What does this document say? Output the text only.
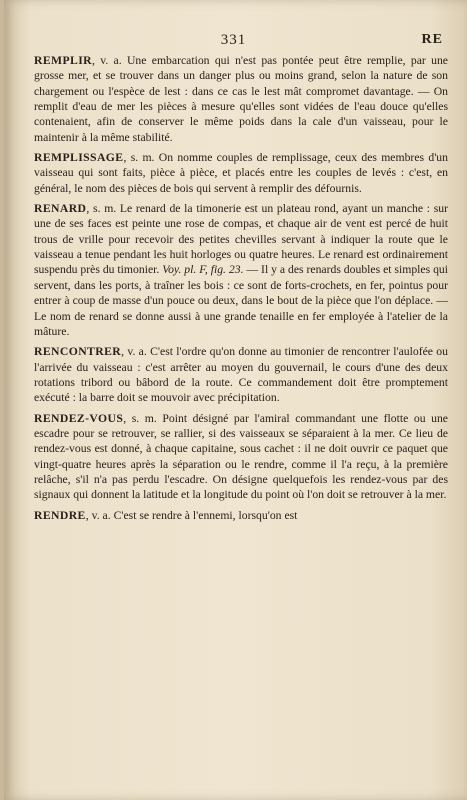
331	RE

REMPLIR, v. a. Une embarcation qui n'est pas pontée peut être remplie, par une grosse mer, et se trouver dans un danger plus ou moins grand, selon la nature de son chargement ou l'espèce de lest : dans ce cas le lest mât compromet davantage. — On remplit d'eau de mer les pièces à mesure qu'elles sont vidées de l'eau douce qu'elles contenaient, afin de conserver le même poids dans la cale d'un vaisseau, pour le maintenir à la même stabilité.

REMPLISSAGE, s. m. On nomme couples de remplissage, ceux des membres d'un vaisseau qui sont faits, pièce à pièce, et placés entre les couples de levés : c'est, en général, le nom des pièces de bois qui servent à remplir des défournis.

RENARD, s. m. Le renard de la timonerie est un plateau rond, ayant un manche : sur une de ses faces est peinte une rose de compas, et chaque air de vent est percé de huit trous de vrille pour recevoir des petites chevilles servant à indiquer la route que le vaisseau a tenue pendant les huit horloges ou quatre heures. Le renard est ordinairement suspendu près du timonier. Voy. pl. F, fig. 23. — Il y a des renards doubles et simples qui servent, dans les ports, à traîner les bois : ce sont de forts-crochets, en fer, pointus pour entrer à coup de masse d'un pouce ou deux, dans le bout de la pièce que l'on déplace. — Le nom de renard se donne aussi à une grande tenaille en fer employée à l'atelier de la mâture.

RENCONTRER, v. a. C'est l'ordre qu'on donne au timonier de rencontrer l'aulofée ou l'arrivée du vaisseau : c'est arrêter au moyen du gouvernail, le cours d'une des deux rotations tribord ou bâbord de la route. Ce commandement doit être promptement exécuté : la barre doit se mouvoir avec précipitation.

RENDEZ-VOUS, s. m. Point désigné par l'amiral commandant une flotte ou une escadre pour se retrouver, se rallier, si des vaisseaux se séparaient à la mer. Ce lieu de rendez-vous est donné, à chaque capitaine, sous cachet : il ne doit ouvrir ce paquet que vingt-quatre heures après la séparation ou le rendre, comme il l'a reçu, à la première relâche, s'il n'a pas perdu l'escadre. On désigne quelquefois les rendez-vous par des signaux qui donnent la latitude et la longitude du point où l'on doit se retrouver à la mer.

RENDRE, v. a. C'est se rendre à l'ennemi, lorsqu'on est
